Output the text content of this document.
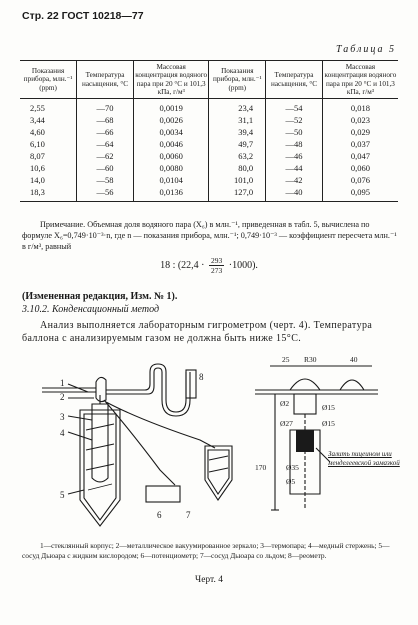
Стр. 22 ГОСТ 10218—77
Таблица 5
Показания прибора, млн.⁻¹ (ppm)	Температура насыщения, °С	Массовая концентрация водяного пара при 20 °С и 101,3 кПа, г/м³	Показания прибора, млн.⁻¹ (ppm)	Температура насыщения, °С	Массовая концентрация водяного пара при 20 °С и 101,3 кПа, г/м³
2,55	—70	0,0019	23,4	—54	0,018
3,44	—68	0,0026	31,1	—52	0,023
4,60	—66	0,0034	39,4	—50	0,029
6,10	—64	0,0046	49,7	—48	0,037
8,07	—62	0,0060	63,2	—46	0,047
10,6	—60	0,0080	80,0	—44	0,060
14,0	—58	0,0104	101,0	—42	0,076
18,3	—56	0,0136	127,0	—40	0,095
Примечание. Объемная доля водяного пара (X₆) в млн.⁻¹, приведенная в табл. 5, вычислена по формуле X₆=0,749·10⁻³·n, где n — показания прибора, млн.⁻¹; 0,749·10⁻³ — коэффициент пересчета млн.⁻¹ в г/м³, равный
18 : $(22,4 \cdot \frac{293}{273} \cdot 1000)$.
(Измененная редакция, Изм. № 1).
3.10.2. Конденсационный метод
Анализ выполняется лабораторным гигрометром (черт. 4). Температура баллона с анализируемым газом не должна быть ниже 15°С.
1
2
3
4
5
6	7
8
25 R30	40
Ø2	Ø15
Ø27	Ø15
Ø35
Ø5
170
Залить пицеином или менделеевской замазкой
1—стеклянный корпус; 2—металлическое вакуумированное зеркало; 3—термопара; 4—медный стержень; 5—сосуд Дьюара с жидким кислородом; 6—потенциометр; 7—сосуд Дьюара со льдом; 8—реометр.
Черт. 4
